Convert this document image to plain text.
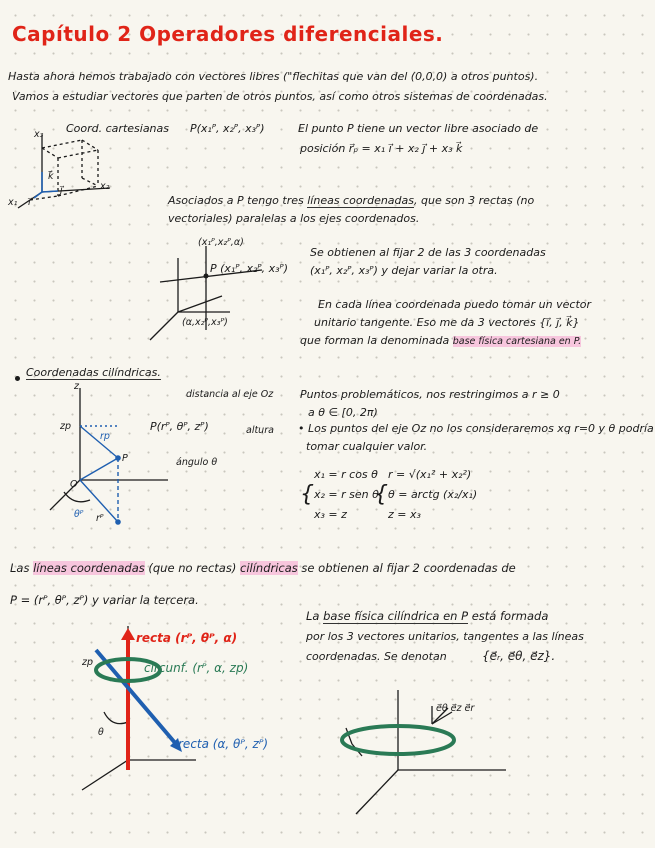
Capítulo 2 Operadores diferenciales.
Hasta ahora hemos trabajado con vectores libres ("flechitas que van del (0,0,0) a otros puntos).
Vamos a estudiar vectores que parten de otros puntos, así como otros sistemas de coordenadas.
x₃
x₂
x₁
k⃗
j⃗
i⃗
Coord. cartesianas P(x₁ᴾ, x₂ᴾ, x₃ᴾ)	El punto P tiene un vector libre asociado de
posición r⃗ₚ = x₁ i⃗ + x₂ j⃗ + x₃ k⃗
Asociados a P tengo tres líneas coordenadas, que son 3 rectas (no
vectoriales) paralelas a los ejes coordenados.
(x₁ᴾ,x₂ᴾ,α)
P (x₁ᴾ, x₂ᴾ, x₃ᴾ)
(α,x₂ᴾ,x₃ᴾ)
Se obtienen al fijar 2 de las 3 coordenadas
(x₁ᴾ, x₂ᴾ, x₃ᴾ) y dejar variar la otra.
En cada línea coordenada puedo tomar un vector
unitario tangente. Eso me da 3 vectores {i⃗, j⃗, k⃗}
que forman la denominada base física cartesiana en P.
Coordenadas cilíndricas.
z
zp
rp
P
O
θᴾ rᴾ
distancia al eje Oz
P(rᴾ, θᴾ, zᴾ)	altura
ángulo θ
Puntos problemáticos, nos restringimos a r ≥ 0
a θ ∈ [0, 2π)
• Los puntos del eje Oz no los consideraremos xq r=0 y θ podría
tomar cualquier valor.
{
x₁ = r cos θ
x₂ = r sen θ
x₃ = z
{
r = √(x₁² + x₂²)
θ = arctg (x₂/x₁)
z = x₃
Las líneas coordenadas (que no rectas) cilíndricas se obtienen al fijar 2 coordenadas de
P = (rᴾ, θᴾ, zᴾ) y variar la tercera.
recta (rᴾ, θᴾ, α)
circunf. (rᴾ, α, zp)
recta (α, θᴾ, zᴾ)
zp
θ
La base física cilíndrica en P está formada
por los 3 vectores unitarios, tangentes a las líneas
coordenadas. Se denotan	{e⃗ᵣ, e⃗θ, e⃗z}.
e⃗θ e⃗z e⃗r
